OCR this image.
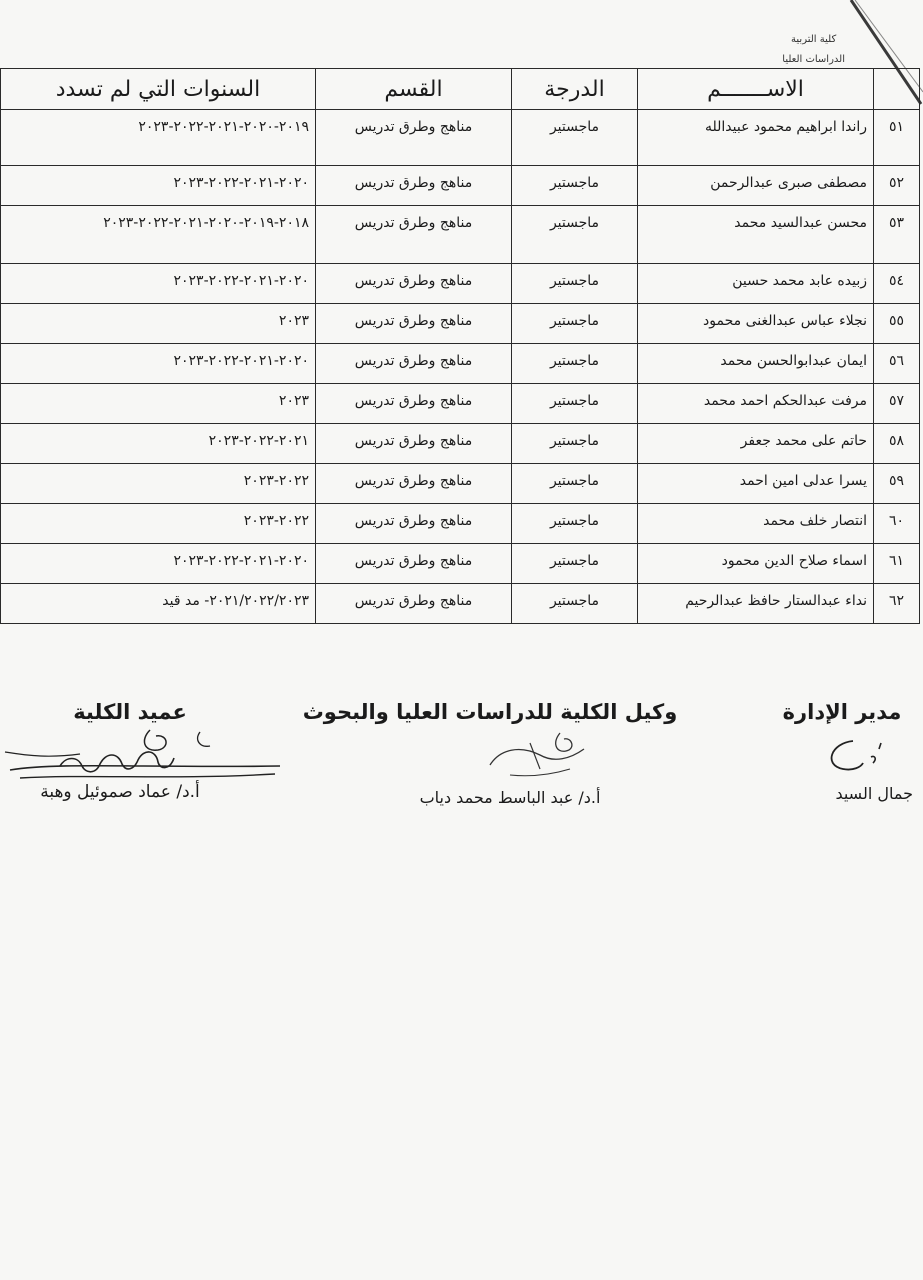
كلية التربية
الدراسات العليا
	الاســـــــم	الدرجة	القسم	السنوات التي لم تسدد
٥١	راندا ابراهيم محمود عبيدالله	ماجستير	مناهج وطرق تدريس	٢٠١٩-٢٠٢٠-٢٠٢١-٢٠٢٢-٢٠٢٣
٥٢	مصطفى صبرى عبدالرحمن	ماجستير	مناهج وطرق تدريس	٢٠٢٠-٢٠٢١-٢٠٢٢-٢٠٢٣
٥٣	محسن عبدالسيد محمد	ماجستير	مناهج وطرق تدريس	٢٠١٨-٢٠١٩-٢٠٢٠-٢٠٢١-٢٠٢٢-٢٠٢٣
٥٤	زبيده عابد محمد حسين	ماجستير	مناهج وطرق تدريس	٢٠٢٠-٢٠٢١-٢٠٢٢-٢٠٢٣
٥٥	نجلاء عباس عبدالغنى محمود	ماجستير	مناهج وطرق تدريس	٢٠٢٣
٥٦	ايمان عبدابوالحسن محمد	ماجستير	مناهج وطرق تدريس	٢٠٢٠-٢٠٢١-٢٠٢٢-٢٠٢٣
٥٧	مرفت عبدالحكم احمد محمد	ماجستير	مناهج وطرق تدريس	٢٠٢٣
٥٨	حاتم على محمد جعفر	ماجستير	مناهج وطرق تدريس	٢٠٢١-٢٠٢٢-٢٠٢٣
٥٩	يسرا عدلى امين احمد	ماجستير	مناهج وطرق تدريس	٢٠٢٢-٢٠٢٣
٦٠	انتصار خلف محمد	ماجستير	مناهج وطرق تدريس	٢٠٢٢-٢٠٢٣
٦١	اسماء صلاح الدين محمود	ماجستير	مناهج وطرق تدريس	٢٠٢٠-٢٠٢١-٢٠٢٢-٢٠٢٣
٦٢	نداء عبدالستار حافظ عبدالرحيم	ماجستير	مناهج وطرق تدريس	٢٠٢١/٢٠٢٢/٢٠٢٣- مد قيد
مدير الإدارة
جمال السيد
وكيل الكلية للدراسات العليا والبحوث
أ.د/ عبد الباسط محمد دياب
عميد الكلية
أ.د/ عماد صموئيل وهبة
